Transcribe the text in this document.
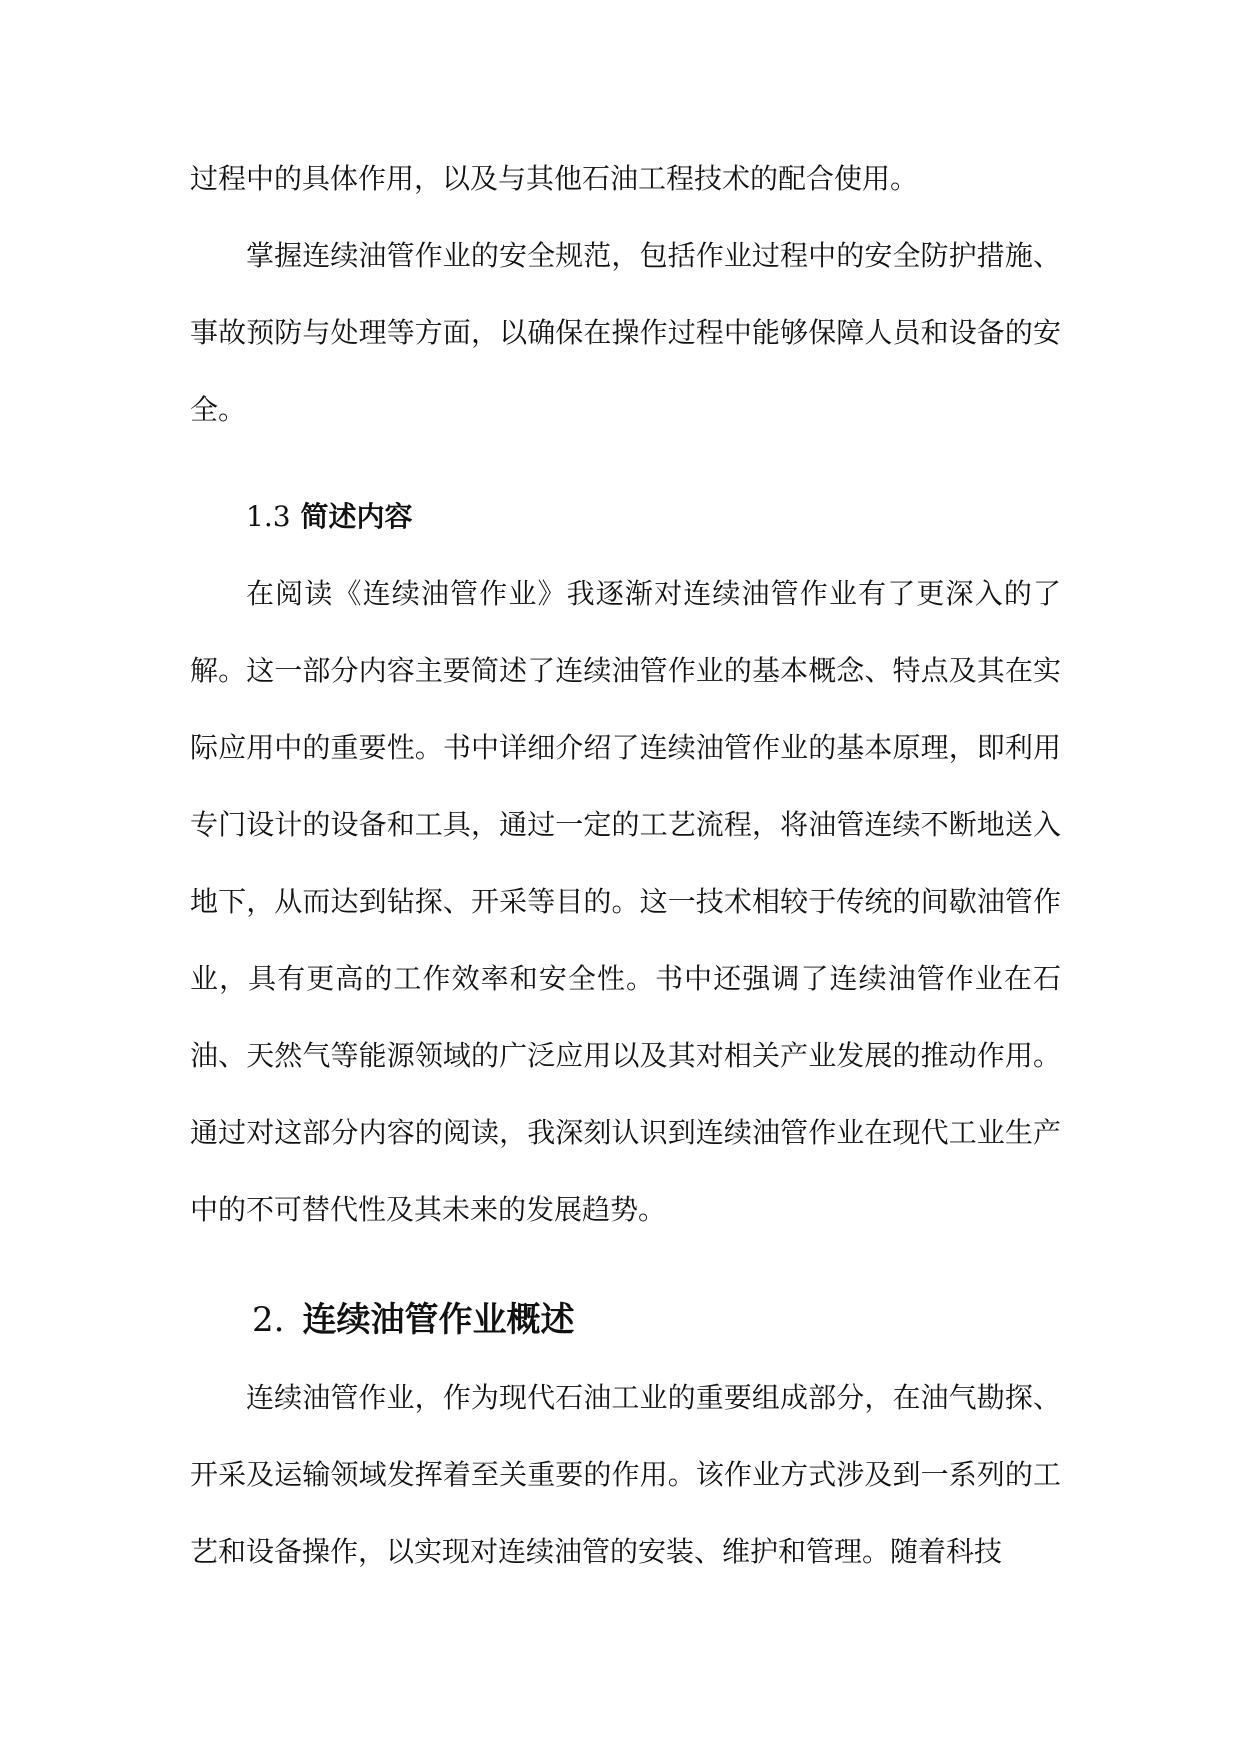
过程中的具体作用，以及与其他石油工程技术的配合使用。

掌握连续油管作业的安全规范，包括作业过程中的安全防护措施、事故预防与处理等方面，以确保在操作过程中能够保障人员和设备的安全。

1.3 简述内容

在阅读《连续油管作业》我逐渐对连续油管作业有了更深入的了解。这一部分内容主要简述了连续油管作业的基本概念、特点及其在实际应用中的重要性。书中详细介绍了连续油管作业的基本原理，即利用专门设计的设备和工具，通过一定的工艺流程，将油管连续不断地送入地下，从而达到钻探、开采等目的。这一技术相较于传统的间歇油管作业，具有更高的工作效率和安全性。书中还强调了连续油管作业在石油、天然气等能源领域的广泛应用以及其对相关产业发展的推动作用。通过对这部分内容的阅读，我深刻认识到连续油管作业在现代工业生产中的不可替代性及其未来的发展趋势。

2. 连续油管作业概述

连续油管作业，作为现代石油工业的重要组成部分，在油气勘探、开采及运输领域发挥着至关重要的作用。该作业方式涉及到一系列的工艺和设备操作，以实现对连续油管的安装、维护和管理。随着科技
